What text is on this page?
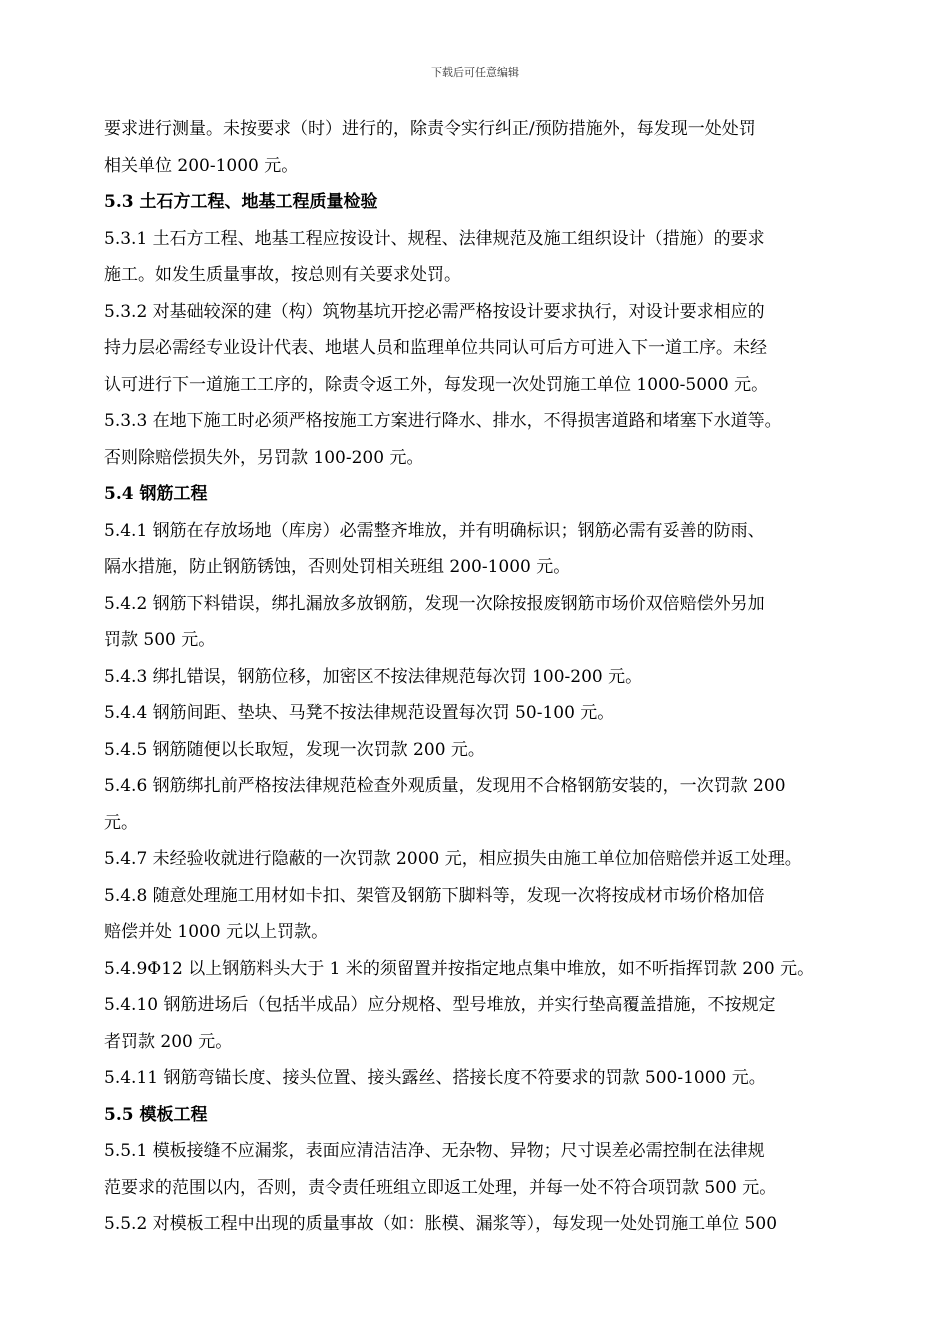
下载后可任意编辑
要求进行测量。未按要求（时）进行的，除责令实行纠正/预防措施外，每发现一处处罚
相关单位 200-1000 元。
5.3 土石方工程、地基工程质量检验
5.3.1 土石方工程、地基工程应按设计、规程、法律规范及施工组织设计（措施）的要求
施工。如发生质量事故，按总则有关要求处罚。
5.3.2 对基础较深的建（构）筑物基坑开挖必需严格按设计要求执行，对设计要求相应的
持力层必需经专业设计代表、地堪人员和监理单位共同认可后方可进入下一道工序。未经
认可进行下一道施工工序的，除责令返工外，每发现一次处罚施工单位 1000-5000 元。
5.3.3 在地下施工时必须严格按施工方案进行降水、排水，不得损害道路和堵塞下水道等。
否则除赔偿损失外，另罚款 100-200 元。
5.4 钢筋工程
5.4.1 钢筋在存放场地（库房）必需整齐堆放，并有明确标识；钢筋必需有妥善的防雨、
隔水措施，防止钢筋锈蚀，否则处罚相关班组 200-1000 元。
5.4.2 钢筋下料错误，绑扎漏放多放钢筋，发现一次除按报废钢筋市场价双倍赔偿外另加
罚款 500 元。
5.4.3 绑扎错误，钢筋位移，加密区不按法律规范每次罚 100-200 元。
5.4.4 钢筋间距、垫块、马凳不按法律规范设置每次罚 50-100 元。
5.4.5 钢筋随便以长取短，发现一次罚款 200 元。
5.4.6 钢筋绑扎前严格按法律规范检查外观质量，发现用不合格钢筋安装的，一次罚款 200
元。
5.4.7 未经验收就进行隐蔽的一次罚款 2000 元，相应损失由施工单位加倍赔偿并返工处理。
5.4.8 随意处理施工用材如卡扣、架管及钢筋下脚料等，发现一次将按成材市场价格加倍
赔偿并处 1000 元以上罚款。
5.4.9Φ12 以上钢筋料头大于 1 米的须留置并按指定地点集中堆放，如不听指挥罚款 200 元。
5.4.10 钢筋进场后（包括半成品）应分规格、型号堆放，并实行垫高覆盖措施，不按规定
者罚款 200 元。
5.4.11 钢筋弯锚长度、接头位置、接头露丝、搭接长度不符要求的罚款 500-1000 元。
5.5 模板工程
5.5.1 模板接缝不应漏浆，表面应清洁洁净、无杂物、异物；尺寸误差必需控制在法律规
范要求的范围以内，否则，责令责任班组立即返工处理，并每一处不符合项罚款 500 元。
5.5.2 对模板工程中出现的质量事故（如：胀模、漏浆等），每发现一处处罚施工单位 500
